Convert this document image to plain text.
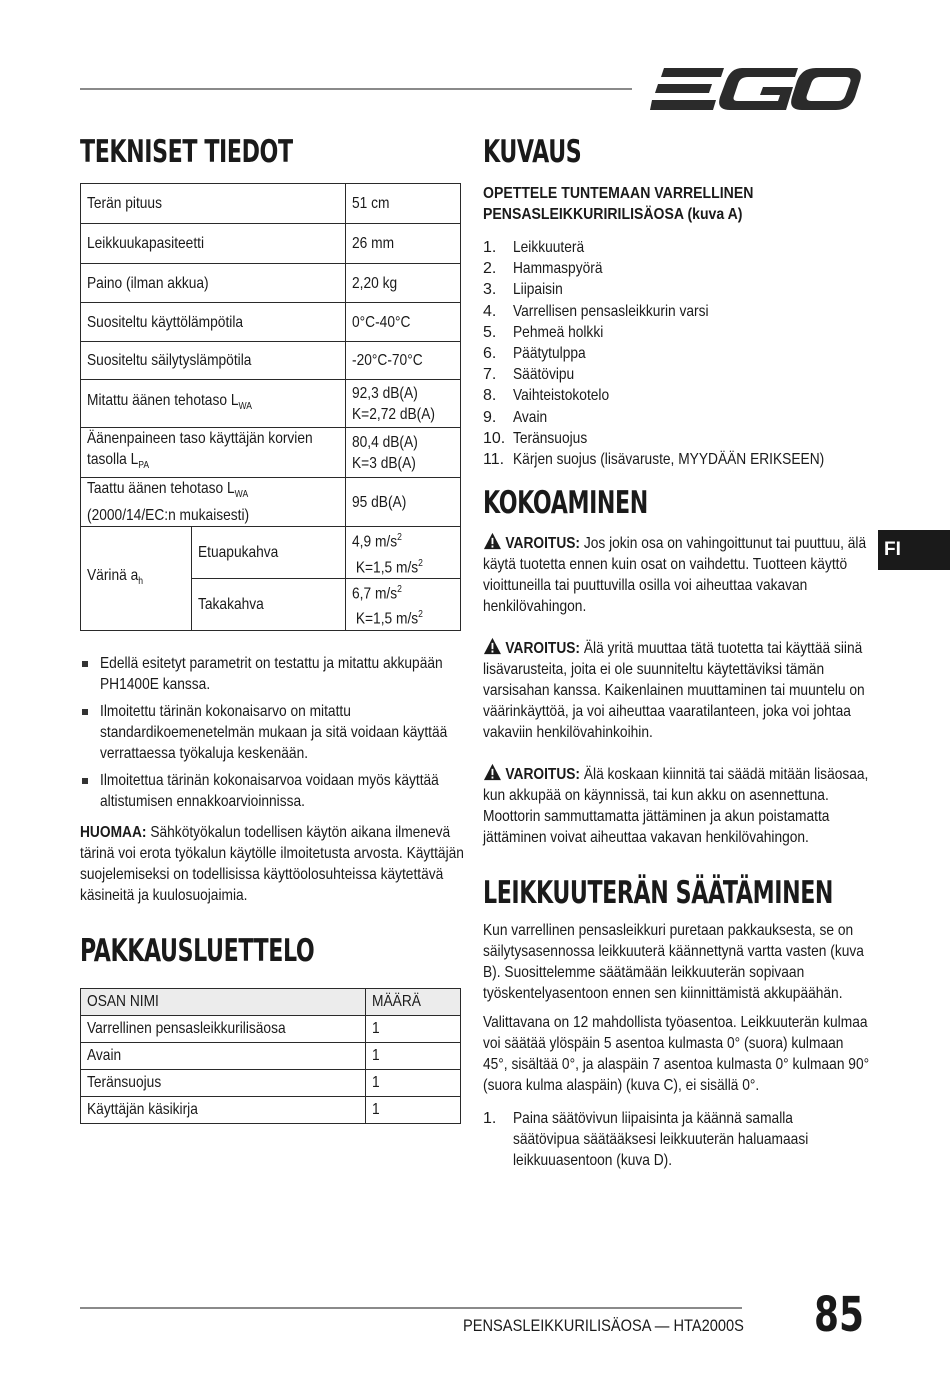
FI
TEKNISET TIEDOT
Terän pituus		51 cm
Leikkuukapasiteetti		26 mm
Paino (ilman akkua)		2,20 kg
Suositeltu käyttölämpötila		0°C-40°C
Suositeltu säilytyslämpötila		-20°C-70°C
Mitattu äänen tehotaso $L_{WA}$		92,3 dB(A)
K=2,72 dB(A)
Äänenpaineen taso käyttäjän korvien
tasolla $L_{PA}$		80,4 dB(A)
K=3 dB(A)
Taattu äänen tehotaso $L_{WA}$
(2000/14/EC:n mukaisesti)		95 dB(A)
Värinä $a_h$	Etuapukahva	4,9 $m/s^2$
K=1,5 $m/s^2$
	Takakahva	6,7 $m/s^2$
K=1,5 $m/s^2$
Edellä esitetyt parametrit on testattu ja mitattu akkupään PH1400E kanssa.
Ilmoitettu tärinän kokonaisarvo on mitattu standardikoemenetelmän mukaan ja sitä voidaan käyttää verrattaessa työkaluja keskenään.
Ilmoitettua tärinän kokonaisarvoa voidaan myös käyttää altistumisen ennakkoarvioinnissa.

HUOMAA: Sähkötyökalun todellisen käytön aikana ilmenevä tärinä voi erota työkalun käytölle ilmoitetusta arvosta. Käyttäjän suojelemiseksi on todellisissa käyttöolosuhteissa käytettävä käsineitä ja kuulosuojaimia.

PAKKAUSLUETTELO
OSAN NIMI	MÄÄRÄ
Varrellinen pensasleikkurilisäosa	1
Avain	1
Teränsuojus	1
Käyttäjän käsikirja	1
KUVAUS
OPETTELE TUNTEMAAN VARRELLINEN PENSASLEIKKURIRILISÄOSA (kuva A)
1.	Leikkuuterä
2.	Hammaspyörä
3.	Liipaisin
4.	Varrellisen pensasleikkurin varsi
5.	Pehmeä holkki
6.	Päätytulppa
7.	Säätövipu
8.	Vaihteistokotelo
9.	Avain
10. Teränsuojus
11. Kärjen suojus (lisävaruste, MYYDÄÄN ERIKSEEN)
KOKOAMINEN

VAROITUS: Jos jokin osa on vahingoittunut tai puuttuu, älä käytä tuotetta ennen kuin osat on vaihdettu. Tuotteen käyttö vioittuneilla tai puuttuvilla osilla voi aiheuttaa vakavan henkilövahingon.

VAROITUS: Älä yritä muuttaa tätä tuotetta tai käyttää siinä lisävarusteita, joita ei ole suunniteltu käytettäviksi tämän varsisahan kanssa. Kaikenlainen muuttaminen tai muuntelu on väärinkäyttöä, ja voi aiheuttaa vaaratilanteen, joka voi johtaa vakaviin henkilövahinkoihin.

VAROITUS: Älä koskaan kiinnitä tai säädä mitään lisäosaa, kun akkupää on käynnissä, tai kun akku on asennettuna. Moottorin sammuttamatta jättäminen ja akun poistamatta jättäminen voivat aiheuttaa vakavan henkilövahingon.

LEIKKUUTERÄN SÄÄTÄMINEN

Kun varrellinen pensasleikkuri puretaan pakkauksesta, se on säilytysasennossa leikkuuterä käännettynä vartta vasten (kuva B). Suosittelemme säätämään leikkuuterän sopivaan työskentelyasentoon ennen sen kiinnittämistä akkupäähän.

Valittavana on 12 mahdollista työasentoa. Leikkuuterän kulmaa voi säätää ylöspäin 5 asentoa kulmasta 0° (suora) kulmaan 45°, sisältää 0°, ja alaspäin 7 asentoa kulmasta 0° kulmaan 90° (suora kulma alaspäin) (kuva C), ei sisällä 0°.

1.	Paina säätövivun liipaisinta ja käännä samalla säätövipua säätääksesi leikkuuterän haluamaasi leikkuuasentoon (kuva D).
PENSASLEIKKURILISÄOSA — HTA2000S	85
